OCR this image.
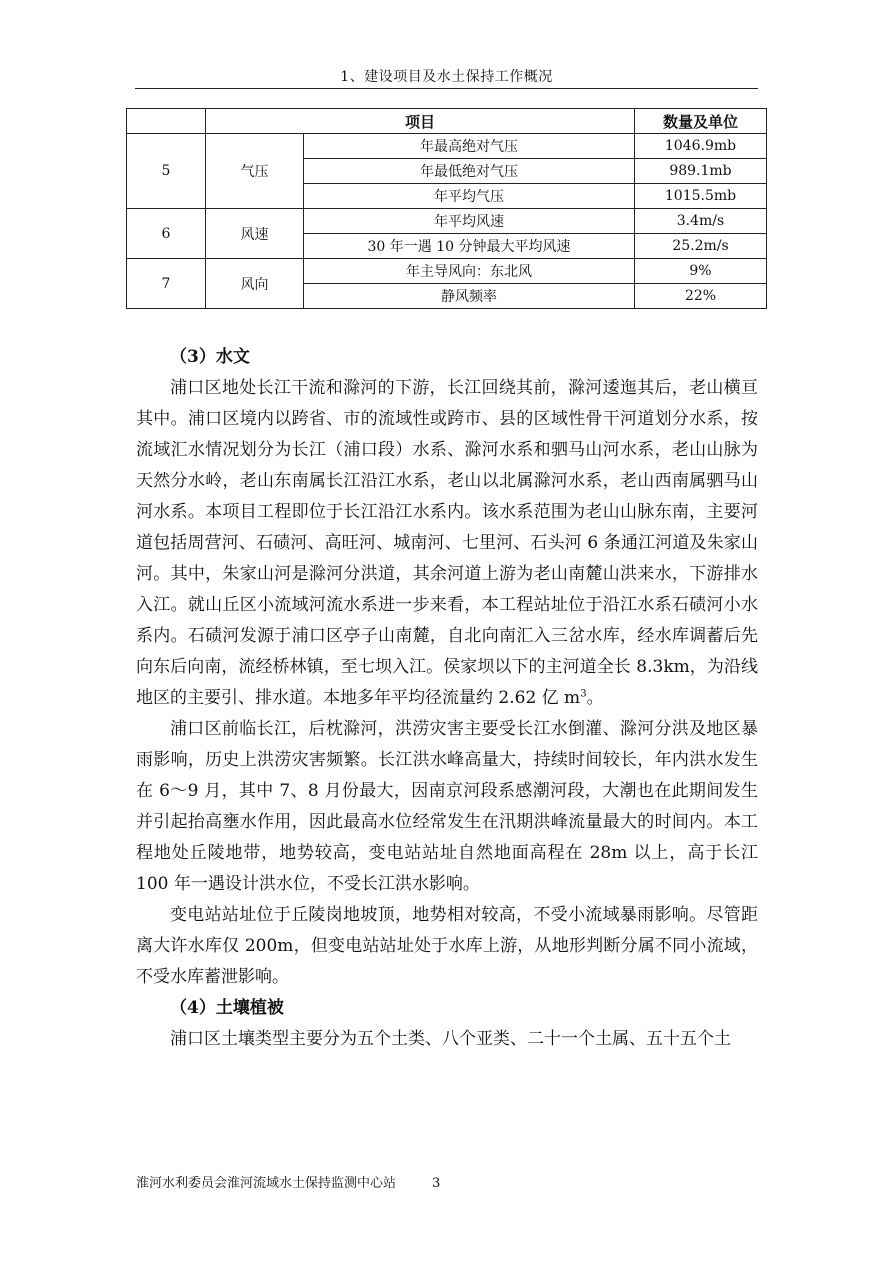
1、建设项目及水土保持工作概况
	项目		数量及单位
5	气压	年最高绝对气压	1046.9mb
		年最低绝对气压	989.1mb
		年平均气压	1015.5mb
6	风速	年平均风速	3.4m/s
		30 年一遇 10 分钟最大平均风速	25.2m/s
7	风向	年主导风向：东北风	9%
		静风频率	22%

（3）水文

浦口区地处长江干流和滁河的下游，长江回绕其前，滁河逶迤其后，老山横亘其中。浦口区境内以跨省、市的流域性或跨市、县的区域性骨干河道划分水系，按流域汇水情况划分为长江（浦口段）水系、滁河水系和驷马山河水系，老山山脉为天然分水岭，老山东南属长江沿江水系，老山以北属滁河水系，老山西南属驷马山河水系。本项目工程即位于长江沿江水系内。该水系范围为老山山脉东南，主要河道包括周营河、石碛河、高旺河、城南河、七里河、石头河 6 条通江河道及朱家山河。其中，朱家山河是滁河分洪道，其余河道上游为老山南麓山洪来水，下游排水入江。就山丘区小流域河流水系进一步来看，本工程站址位于沿江水系石碛河小水系内。石碛河发源于浦口区亭子山南麓，自北向南汇入三岔水库，经水库调蓄后先向东后向南，流经桥林镇，至七坝入江。侯家坝以下的主河道全长 8.3km，为沿线地区的主要引、排水道。本地多年平均径流量约 2.62 亿 $m^3$。

浦口区前临长江，后枕滁河，洪涝灾害主要受长江水倒灌、滁河分洪及地区暴雨影响，历史上洪涝灾害频繁。长江洪水峰高量大，持续时间较长，年内洪水发生在 6～9 月，其中 7、8 月份最大，因南京河段系感潮河段，大潮也在此期间发生并引起抬高壅水作用，因此最高水位经常发生在汛期洪峰流量最大的时间内。本工程地处丘陵地带，地势较高，变电站站址自然地面高程在 28m 以上，高于长江 100 年一遇设计洪水位，不受长江洪水影响。

变电站站址位于丘陵岗地坡顶，地势相对较高，不受小流域暴雨影响。尽管距离大许水库仅 200m，但变电站站址处于水库上游，从地形判断分属不同小流域，不受水库蓄泄影响。

（4）土壤植被

浦口区土壤类型主要分为五个土类、八个亚类、二十一个土属、五十五个土

淮河水利委员会淮河流域水土保持监测中心站	3
